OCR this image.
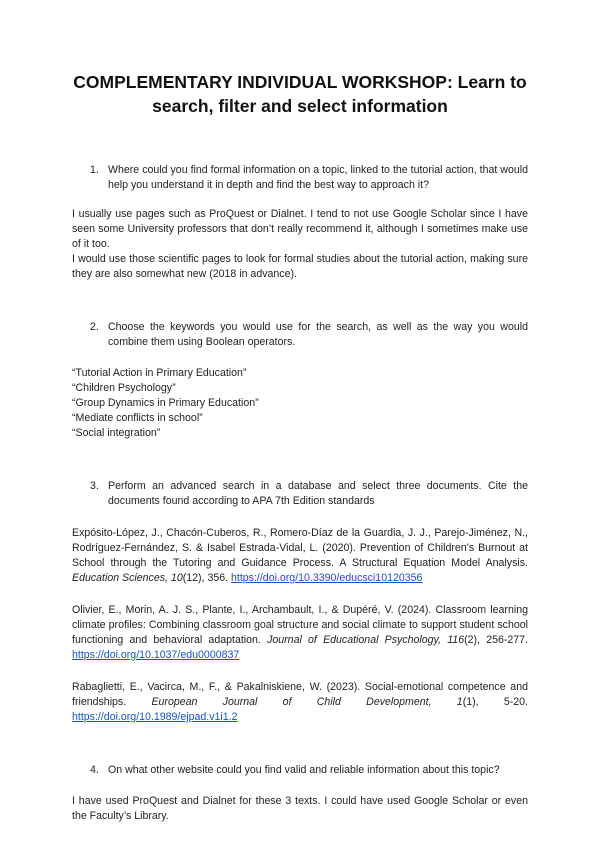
COMPLEMENTARY INDIVIDUAL WORKSHOP: Learn to search, filter and select information
1. Where could you find formal information on a topic, linked to the tutorial action, that would help you understand it in depth and find the best way to approach it?

I usually use pages such as ProQuest or Dialnet. I tend to not use Google Scholar since I have seen some University professors that don’t really recommend it, although I sometimes make use of it too.

I would use those scientific pages to look for formal studies about the tutorial action, making sure they are also somewhat new (2018 in advance).

2. Choose the keywords you would use for the search, as well as the way you would combine them using Boolean operators.

“Tutorial Action in Primary Education”

“Children Psychology”

“Group Dynamics in Primary Education”

“Mediate conflicts in school”

“Social integration”

3. Perform an advanced search in a database and select three documents. Cite the documents found according to APA 7th Edition standards

Expósito-López, J., Chacón-Cuberos, R., Romero-Díaz de la Guardia, J. J., Parejo-Jiménez, N., Rodríguez-Fernández, S. & Isabel Estrada-Vidal, L. (2020). Prevention of Children’s Burnout at School through the Tutoring and Guidance Process. A Structural Equation Model Analysis. Education Sciences, 10(12), 356. https://doi.org/10.3390/educsci10120356

Olivier, E., Morin, A. J. S., Plante, I., Archambault, I., & Dupéré, V. (2024). Classroom learning climate profiles: Combining classroom goal structure and social climate to support student school functioning and behavioral adaptation. Journal of Educational Psychology, 116(2), 256-277. https://doi.org/10.1037/edu0000837

Rabaglietti, E., Vacirca, M., F., & Pakalniskiene, W. (2023). Social-emotional competence and friendships. European Journal of Child Development, 1(1), 5-20. https://doi.org/10.1989/ejpad.v1i1.2

4. On what other website could you find valid and reliable information about this topic?

I have used ProQuest and Dialnet for these 3 texts. I could have used Google Scholar or even the Faculty’s Library.
